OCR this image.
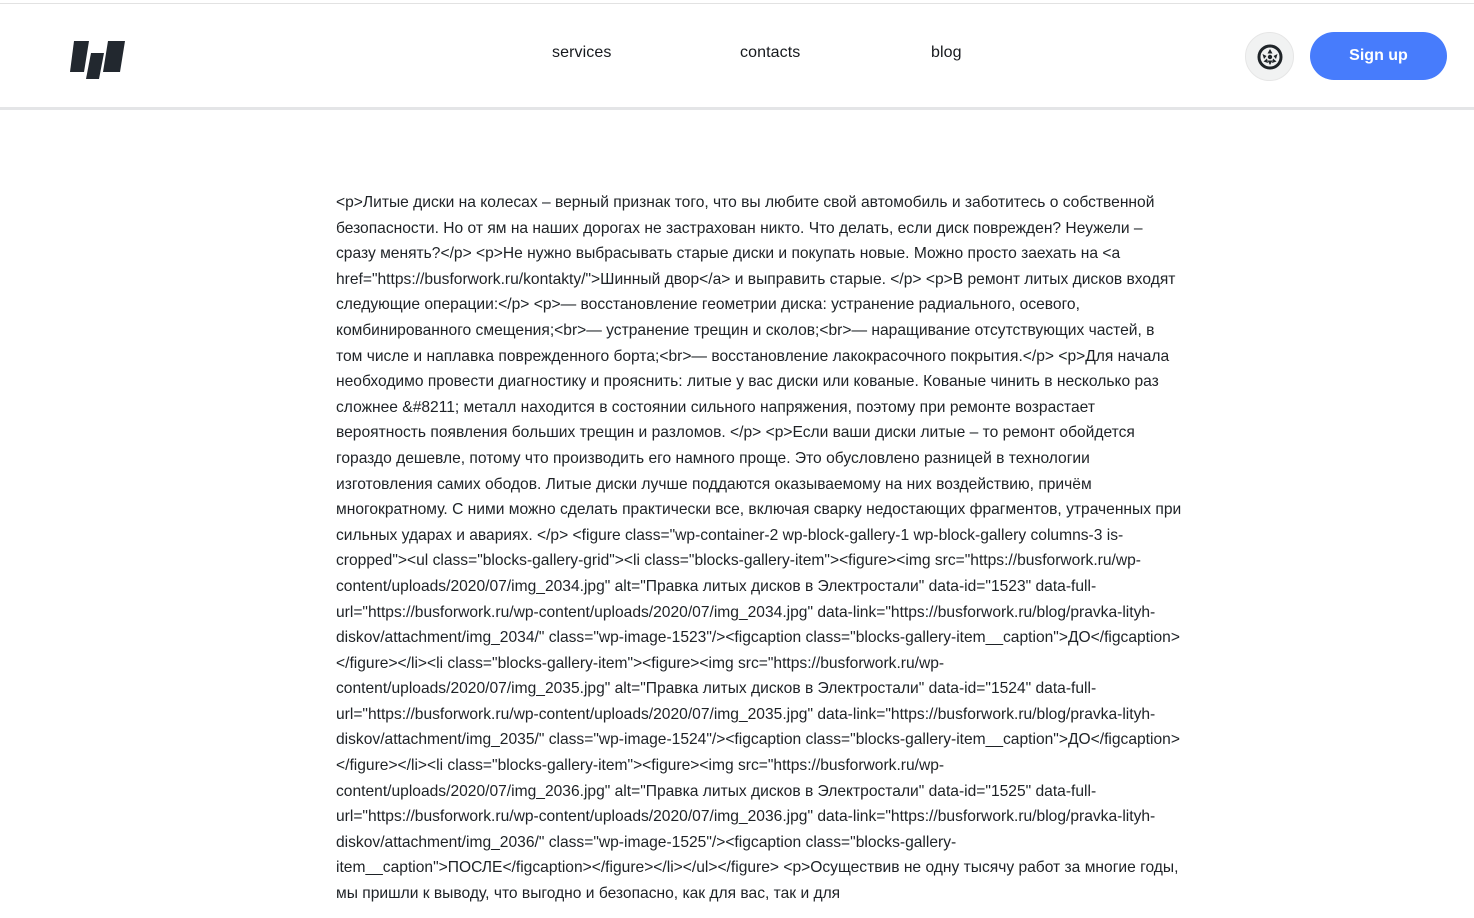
services	contacts	blog	Sign up
<p>Литые диски на колесах – верный признак того, что вы любите свой автомобиль и заботитесь о собственной безопасности. Но от ям на наших дорогах не застрахован никто. Что делать, если диск поврежден? Неужели – сразу менять?</p> <p>Не нужно выбрасывать старые диски и покупать новые. Можно просто заехать на <a href="https://busforwork.ru/kontakty/">Шинный двор</a> и выправить старые. </p> <p>В ремонт литых дисков входят следующие операции:</p> <p>— восстановление геометрии диска: устранение радиального, осевого, комбинированного смещения;<br>— устранение трещин и сколов;<br>— наращивание отсутствующих частей, в том числе и наплавка поврежденного борта;<br>— восстановление лакокрасочного покрытия.</p> <p>Для начала необходимо провести диагностику и прояснить: литые у вас диски или кованые. Кованые чинить в несколько раз сложнее &#8211; металл находится в состоянии сильного напряжения, поэтому при ремонте возрастает вероятность появления больших трещин и разломов. </p> <p>Если ваши диски литые – то ремонт обойдется гораздо дешевле, потому что производить его намного проще. Это обусловлено разницей в технологии изготовления самих ободов. Литые диски лучше поддаются оказываемому на них воздействию, причём многократному. С ними можно сделать практически все, включая сварку недостающих фрагментов, утраченных при сильных ударах и авариях. </p> <figure class="wp-container-2 wp-block-gallery-1 wp-block-gallery columns-3 is-cropped"><ul class="blocks-gallery-grid"><li class="blocks-gallery-item"><figure><img src="https://busforwork.ru/wp-content/uploads/2020/07/img_2034.jpg" alt="Правка литых дисков в Электростали" data-id="1523" data-full-url="https://busforwork.ru/wp-content/uploads/2020/07/img_2034.jpg" data-link="https://busforwork.ru/blog/pravka-lityh-diskov/attachment/img_2034/" class="wp-image-1523"/><figcaption class="blocks-gallery-item__caption">ДО</figcaption></figure></li><li class="blocks-gallery-item"><figure><img src="https://busforwork.ru/wp-content/uploads/2020/07/img_2035.jpg" alt="Правка литых дисков в Электростали" data-id="1524" data-full-url="https://busforwork.ru/wp-content/uploads/2020/07/img_2035.jpg" data-link="https://busforwork.ru/blog/pravka-lityh-diskov/attachment/img_2035/" class="wp-image-1524"/><figcaption class="blocks-gallery-item__caption">ДО</figcaption></figure></li><li class="blocks-gallery-item"><figure><img src="https://busforwork.ru/wp-content/uploads/2020/07/img_2036.jpg" alt="Правка литых дисков в Электростали" data-id="1525" data-full-url="https://busforwork.ru/wp-content/uploads/2020/07/img_2036.jpg" data-link="https://busforwork.ru/blog/pravka-lityh-diskov/attachment/img_2036/" class="wp-image-1525"/><figcaption class="blocks-gallery-item__caption">ПОСЛЕ</figcaption></figure></li></ul></figure> <p>Осуществив не одну тысячу работ за многие годы, мы пришли к выводу, что выгодно и безопасно, как для вас, так и для
